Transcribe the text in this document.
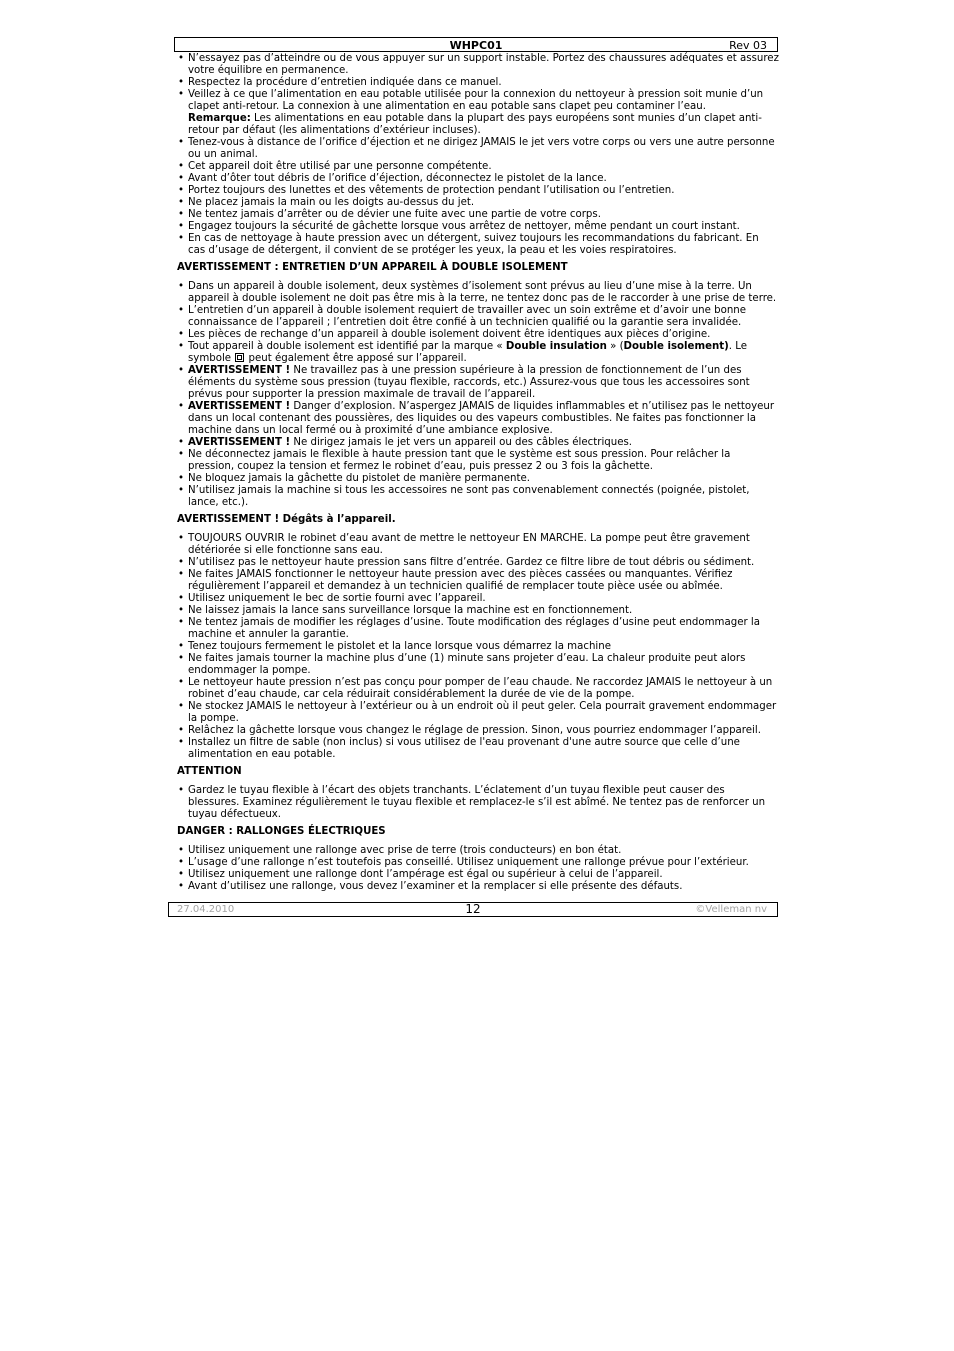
WHPC01	Rev 03
• N’essayez pas d’atteindre ou de vous appuyer sur un support instable. Portez des chaussures adéquates et assurez votre équilibre en permanence.
• Respectez la procédure d’entretien indiquée dans ce manuel.
• Veillez à ce que l’alimentation en eau potable utilisée pour la connexion du nettoyeur à pression soit munie d’un clapet anti-retour. La connexion à une alimentation en eau potable sans clapet peu contaminer l’eau.
Remarque: Les alimentations en eau potable dans la plupart des pays européens sont munies d’un clapet anti-retour par défaut (les alimentations d’extérieur incluses).
• Tenez-vous à distance de l’orifice d’éjection et ne dirigez JAMAIS le jet vers votre corps ou vers une autre personne ou un animal.
• Cet appareil doit être utilisé par une personne compétente.
• Avant d’ôter tout débris de l’orifice d’éjection, déconnectez le pistolet de la lance.
• Portez toujours des lunettes et des vêtements de protection pendant l’utilisation ou l’entretien.
• Ne placez jamais la main ou les doigts au-dessus du jet.
• Ne tentez jamais d’arrêter ou de dévier une fuite avec une partie de votre corps.
• Engagez toujours la sécurité de gâchette lorsque vous arrêtez de nettoyer, même pendant un court instant.
• En cas de nettoyage à haute pression avec un détergent, suivez toujours les recommandations du fabricant. En cas d’usage de détergent, il convient de se protéger les yeux, la peau et les voies respiratoires.
AVERTISSEMENT : ENTRETIEN D’UN APPAREIL À DOUBLE ISOLEMENT
• Dans un appareil à double isolement, deux systèmes d’isolement sont prévus au lieu d’une mise à la terre. Un appareil à double isolement ne doit pas être mis à la terre, ne tentez donc pas de le raccorder à une prise de terre.
• L’entretien d’un appareil à double isolement requiert de travailler avec un soin extrême et d’avoir une bonne connaissance de l’appareil ; l’entretien doit être confié à un technicien qualifié ou la garantie sera invalidée.
• Les pièces de rechange d’un appareil à double isolement doivent être identiques aux pièces d’origine.
• Tout appareil à double isolement est identifié par la marque « Double insulation » (Double isolement). Le symbole  peut également être apposé sur l’appareil.
• AVERTISSEMENT ! Ne travaillez pas à une pression supérieure à la pression de fonctionnement de l’un des éléments du système sous pression (tuyau flexible, raccords, etc.) Assurez-vous que tous les accessoires sont prévus pour supporter la pression maximale de travail de l’appareil.
• AVERTISSEMENT ! Danger d’explosion. N’aspergez JAMAIS de liquides inflammables et n’utilisez pas le nettoyeur dans un local contenant des poussières, des liquides ou des vapeurs combustibles. Ne faites pas fonctionner la machine dans un local fermé ou à proximité d’une ambiance explosive.
• AVERTISSEMENT ! Ne dirigez jamais le jet vers un appareil ou des câbles électriques.
• Ne déconnectez jamais le flexible à haute pression tant que le système est sous pression. Pour relâcher la pression, coupez la tension et fermez le robinet d’eau, puis pressez 2 ou 3 fois la gâchette.
• Ne bloquez jamais la gâchette du pistolet de manière permanente.
• N’utilisez jamais la machine si tous les accessoires ne sont pas convenablement connectés (poignée, pistolet, lance, etc.).
AVERTISSEMENT ! Dégâts à l’appareil.
• TOUJOURS OUVRIR le robinet d’eau avant de mettre le nettoyeur EN MARCHE. La pompe peut être gravement détériorée si elle fonctionne sans eau.
• N’utilisez pas le nettoyeur haute pression sans filtre d’entrée. Gardez ce filtre libre de tout débris ou sédiment.
• Ne faites JAMAIS fonctionner le nettoyeur haute pression avec des pièces cassées ou manquantes. Vérifiez régulièrement l’appareil et demandez à un technicien qualifié de remplacer toute pièce usée ou abîmée.
• Utilisez uniquement le bec de sortie fourni avec l’appareil.
• Ne laissez jamais la lance sans surveillance lorsque la machine est en fonctionnement.
• Ne tentez jamais de modifier les réglages d’usine. Toute modification des réglages d’usine peut endommager la machine et annuler la garantie.
• Tenez toujours fermement le pistolet et la lance lorsque vous démarrez la machine
• Ne faites jamais tourner la machine plus d’une (1) minute sans projeter d’eau. La chaleur produite peut alors endommager la pompe.
• Le nettoyeur haute pression n’est pas conçu pour pomper de l’eau chaude. Ne raccordez JAMAIS le nettoyeur à un robinet d’eau chaude, car cela réduirait considérablement la durée de vie de la pompe.
• Ne stockez JAMAIS le nettoyeur à l’extérieur ou à un endroit où il peut geler. Cela pourrait gravement endommager la pompe.
• Relâchez la gâchette lorsque vous changez le réglage de pression. Sinon, vous pourriez endommager l’appareil.
• Installez un filtre de sable (non inclus) si vous utilisez de l'eau provenant d'une autre source que celle d’une alimentation en eau potable.
ATTENTION
• Gardez le tuyau flexible à l’écart des objets tranchants. L’éclatement d’un tuyau flexible peut causer des blessures. Examinez régulièrement le tuyau flexible et remplacez-le s’il est abîmé. Ne tentez pas de renforcer un tuyau défectueux.
DANGER : RALLONGES ÉLECTRIQUES
• Utilisez uniquement une rallonge avec prise de terre (trois conducteurs) en bon état.
• L’usage d’une rallonge n’est toutefois pas conseillé. Utilisez uniquement une rallonge prévue pour l’extérieur.
• Utilisez uniquement une rallonge dont l’ampérage est égal ou supérieur à celui de l’appareil.
• Avant d’utilisez une rallonge, vous devez l’examiner et la remplacer si elle présente des défauts.
27.04.2010	12	©Velleman nv
